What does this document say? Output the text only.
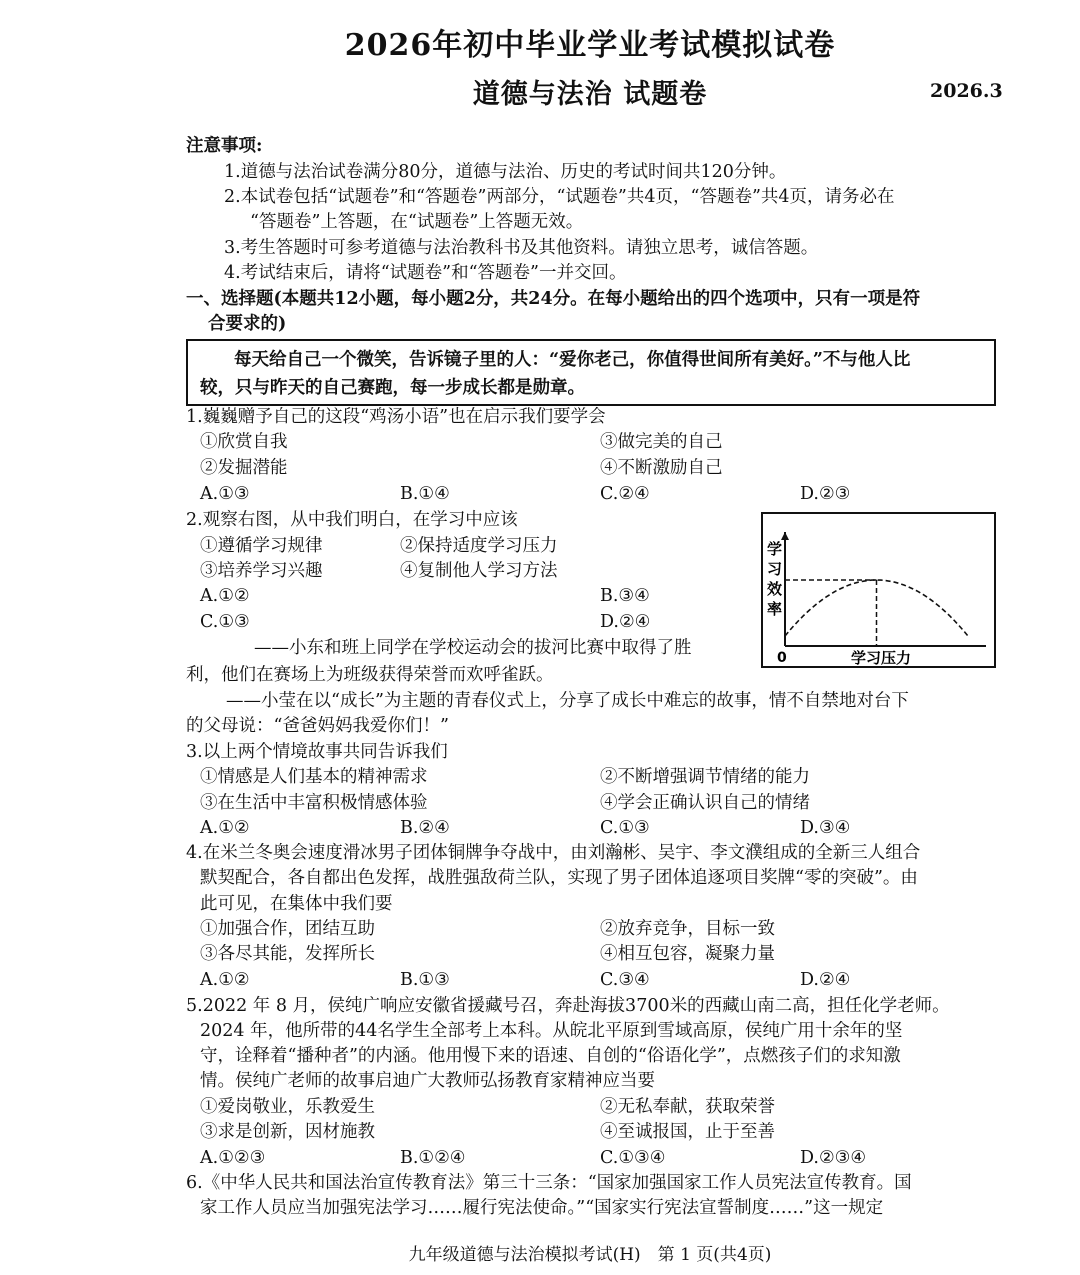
2026年初中毕业学业考试模拟试卷
道德与法治 试题卷	2026.3
注意事项:
1.道德与法治试卷满分80分，道德与法治、历史的考试时间共120分钟。
2.本试卷包括“试题卷”和“答题卷”两部分，“试题卷”共4页，“答题卷”共4页，请务必在
“答题卷”上答题，在“试题卷”上答题无效。
3.考生答题时可参考道德与法治教科书及其他资料。请独立思考，诚信答题。
4.考试结束后，请将“试题卷”和“答题卷”一并交回。
一、选择题(本题共12小题，每小题2分，共24分。在每小题给出的四个选项中，只有一项是符
合要求的)
每天给自己一个微笑，告诉镜子里的人：“爱你老己，你值得世间所有美好。”不与他人比
较，只与昨天的自己赛跑，每一步成长都是勋章。
1.巍巍赠予自己的这段“鸡汤小语”也在启示我们要学会
①欣赏自我	③做完美的自己
②发掘潜能	④不断激励自己
A.①③	B.①④	C.②④	D.②③
2.观察右图，从中我们明白，在学习中应该
①遵循学习规律	②保持适度学习压力
③培养学习兴趣	④复制他人学习方法
A.①②	B.③④
C.①③	D.②④
学习效率
0	学习压力
——小东和班上同学在学校运动会的拔河比赛中取得了胜
利，他们在赛场上为班级获得荣誉而欢呼雀跃。
——小莹在以“成长”为主题的青春仪式上，分享了成长中难忘的故事，情不自禁地对台下
的父母说：“爸爸妈妈我爱你们！”
3.以上两个情境故事共同告诉我们
①情感是人们基本的精神需求	②不断增强调节情绪的能力
③在生活中丰富积极情感体验	④学会正确认识自己的情绪
A.①②	B.②④	C.①③	D.③④
4.在米兰冬奥会速度滑冰男子团体铜牌争夺战中，由刘瀚彬、吴宇、李文濮组成的全新三人组合
默契配合，各自都出色发挥，战胜强敌荷兰队，实现了男子团体追逐项目奖牌“零的突破”。由
此可见，在集体中我们要
①加强合作，团结互助	②放弃竞争，目标一致
③各尽其能，发挥所长	④相互包容，凝聚力量
A.①②	B.①③	C.③④	D.②④
5.2022 年 8 月，侯纯广响应安徽省援藏号召，奔赴海拔3700米的西藏山南二高，担任化学老师。
2024 年，他所带的44名学生全部考上本科。从皖北平原到雪域高原，侯纯广用十余年的坚
守，诠释着“播种者”的内涵。他用慢下来的语速、自创的“俗语化学”，点燃孩子们的求知激
情。侯纯广老师的故事启迪广大教师弘扬教育家精神应当要
①爱岗敬业，乐教爱生	②无私奉献，获取荣誉
③求是创新，因材施教	④至诚报国，止于至善
A.①②③	B.①②④	C.①③④	D.②③④
6.《中华人民共和国法治宣传教育法》第三十三条：“国家加强国家工作人员宪法宣传教育。国
家工作人员应当加强宪法学习……履行宪法使命。”“国家实行宪法宣誓制度……”这一规定
九年级道德与法治模拟考试(H)　第 1 页(共4页)
